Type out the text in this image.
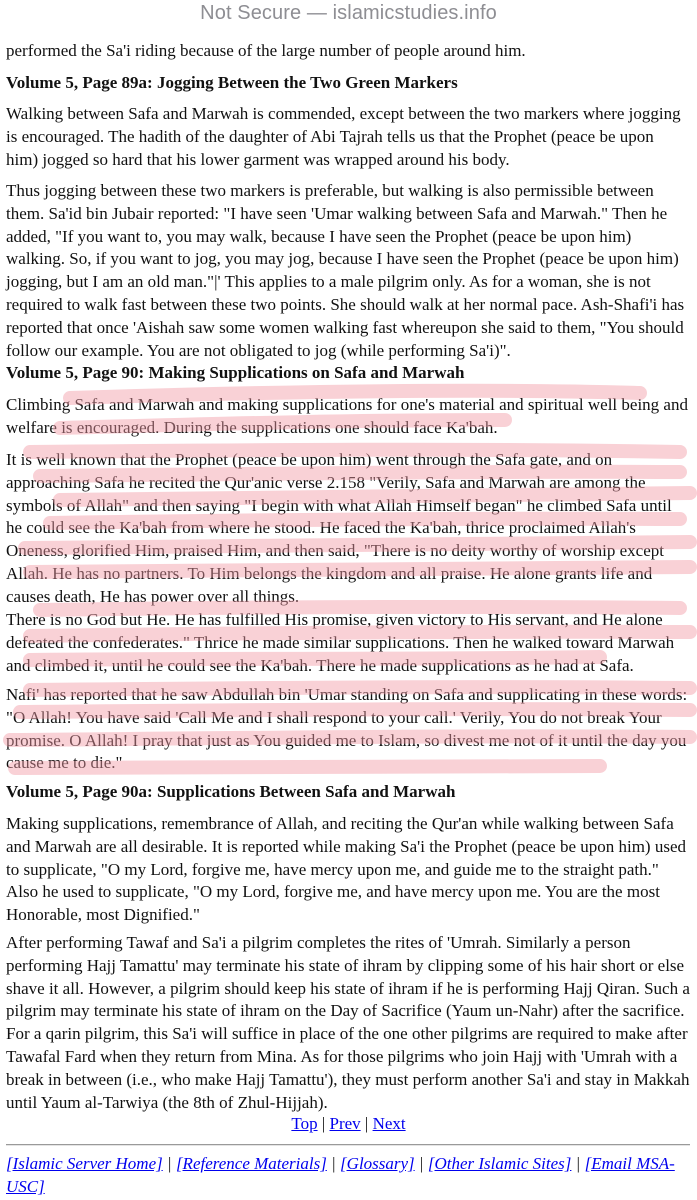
Not Secure — islamicstudies.info

performed the Sa'i riding because of the large number of people around him.

Volume 5, Page 89a: Jogging Between the Two Green Markers

Walking between Safa and Marwah is commended, except between the two markers where jogging is encouraged. The hadith of the daughter of Abi Tajrah tells us that the Prophet (peace be upon him) jogged so hard that his lower garment was wrapped around his body.

Thus jogging between these two markers is preferable, but walking is also permissible between them. Sa'id bin Jubair reported: "I have seen 'Umar walking between Safa and Marwah." Then he added, "If you want to, you may walk, because I have seen the Prophet (peace be upon him) walking. So, if you want to jog, you may jog, because I have seen the Prophet (peace be upon him) jogging, but I am an old man."|' This applies to a male pilgrim only. As for a woman, she is not required to walk fast between these two points. She should walk at her normal pace. Ash-Shafi'i has reported that once 'Aishah saw some women walking fast whereupon she said to them, "You should follow our example. You are not obligated to jog (while performing Sa'i)".

Volume 5, Page 90: Making Supplications on Safa and Marwah

Climbing Safa and Marwah and making supplications for one's material and spiritual well being and welfare is encouraged. During the supplications one should face Ka'bah.

It is well known that the Prophet (peace be upon him) went through the Safa gate, and on approaching Safa he recited the Qur'anic verse 2.158 "Verily, Safa and Marwah are among the symbols of Allah" and then saying "I begin with what Allah Himself began" he climbed Safa until he could see the Ka'bah from where he stood. He faced the Ka'bah, thrice proclaimed Allah's Oneness, glorified Him, praised Him, and then said, "There is no deity worthy of worship except Allah. He has no partners. To Him belongs the kingdom and all praise. He alone grants life and causes death, He has power over all things.

There is no God but He. He has fulfilled His promise, given victory to His servant, and He alone defeated the confederates." Thrice he made similar supplications. Then he walked toward Marwah and climbed it, until he could see the Ka'bah. There he made supplications as he had at Safa.

Nafi' has reported that he saw Abdullah bin 'Umar standing on Safa and supplicating in these words: "O Allah! You have said 'Call Me and I shall respond to your call.' Verily, You do not break Your promise. O Allah! I pray that just as You guided me to Islam, so divest me not of it until the day you cause me to die."

Volume 5, Page 90a: Supplications Between Safa and Marwah

Making supplications, remembrance of Allah, and reciting the Qur'an while walking between Safa and Marwah are all desirable. It is reported while making Sa'i the Prophet (peace be upon him) used to supplicate, "O my Lord, forgive me, have mercy upon me, and guide me to the straight path." Also he used to supplicate, "O my Lord, forgive me, and have mercy upon me. You are the most Honorable, most Dignified."

After performing Tawaf and Sa'i a pilgrim completes the rites of 'Umrah. Similarly a person performing Hajj Tamattu' may terminate his state of ihram by clipping some of his hair short or else shave it all. However, a pilgrim should keep his state of ihram if he is performing Hajj Qiran. Such a pilgrim may terminate his state of ihram on the Day of Sacrifice (Yaum un-Nahr) after the sacrifice. For a qarin pilgrim, this Sa'i will suffice in place of the one other pilgrims are required to make after Tawafal Fard when they return from Mina. As for those pilgrims who join Hajj with 'Umrah with a break in between (i.e., who make Hajj Tamattu'), they must perform another Sa'i and stay in Makkah until Yaum al-Tarwiya (the 8th of Zhul-Hijjah).

Top | Prev | Next
[Islamic Server Home] | [Reference Materials] | [Glossary] | [Other Islamic Sites] | [Email MSA-USC]
